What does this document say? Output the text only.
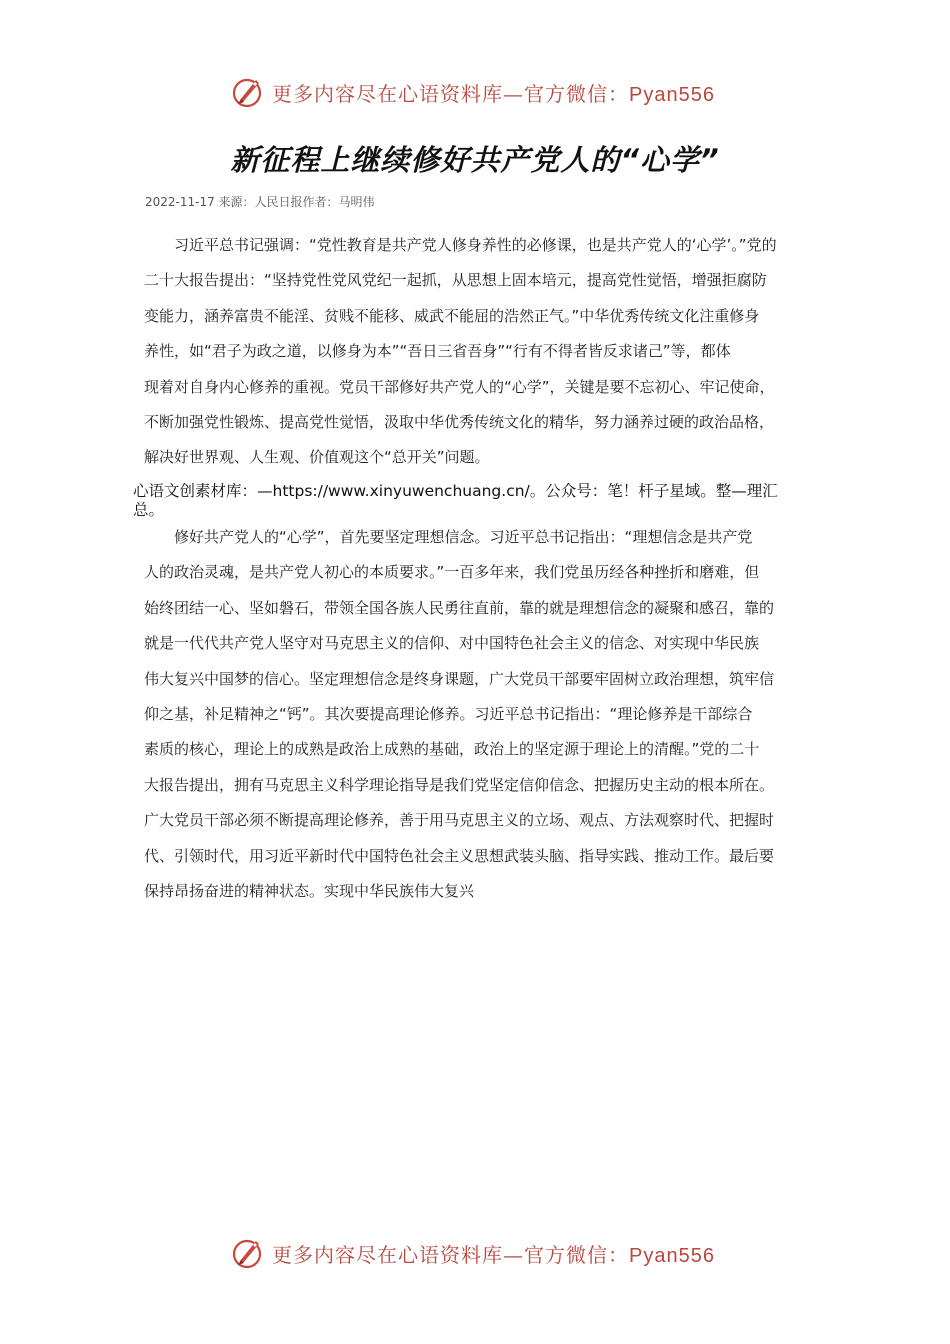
更多内容尽在心语资料库—官方微信：Pyan556
新征程上继续修好共产党人的“心学”
2022-11-17 来源：人民日报作者：马明伟
　　习近平总书记强调：“党性教育是共产党人修身养性的必修课，也是共产党人的‘心学’。”党的
二十大报告提出：“坚持党性党风党纪一起抓，从思想上固本培元，提高党性觉悟，增强拒腐防
变能力，涵养富贵不能淫、贫贱不能移、威武不能屈的浩然正气。”中华优秀传统文化注重修身
养性，如“君子为政之道，以修身为本”“吾日三省吾身”“行有不得者皆反求诸己”等，都体
现着对自身内心修养的重视。党员干部修好共产党人的“心学”，关键是要不忘初心、牢记使命，
不断加强党性锻炼、提高党性觉悟，汲取中华优秀传统文化的精华，努力涵养过硬的政治品格，
解决好世界观、人生观、价值观这个“总开关”问题。
心语文创素材库：—https://www.xinyuwenchuang.cn/。公众号：笔！杆子星域。整—理汇
总。
　　修好共产党人的“心学”，首先要坚定理想信念。习近平总书记指出：“理想信念是共产党
人的政治灵魂，是共产党人初心的本质要求。”一百多年来，我们党虽历经各种挫折和磨难，但
始终团结一心、坚如磐石，带领全国各族人民勇往直前，靠的就是理想信念的凝聚和感召，靠的
就是一代代共产党人坚守对马克思主义的信仰、对中国特色社会主义的信念、对实现中华民族
伟大复兴中国梦的信心。坚定理想信念是终身课题，广大党员干部要牢固树立政治理想，筑牢信
仰之基，补足精神之“钙”。其次要提高理论修养。习近平总书记指出：“理论修养是干部综合
素质的核心，理论上的成熟是政治上成熟的基础，政治上的坚定源于理论上的清醒。”党的二十
大报告提出，拥有马克思主义科学理论指导是我们党坚定信仰信念、把握历史主动的根本所在。
广大党员干部必须不断提高理论修养，善于用马克思主义的立场、观点、方法观察时代、把握时
代、引领时代，用习近平新时代中国特色社会主义思想武装头脑、指导实践、推动工作。最后要
保持昂扬奋进的精神状态。实现中华民族伟大复兴
更多内容尽在心语资料库—官方微信：Pyan556
